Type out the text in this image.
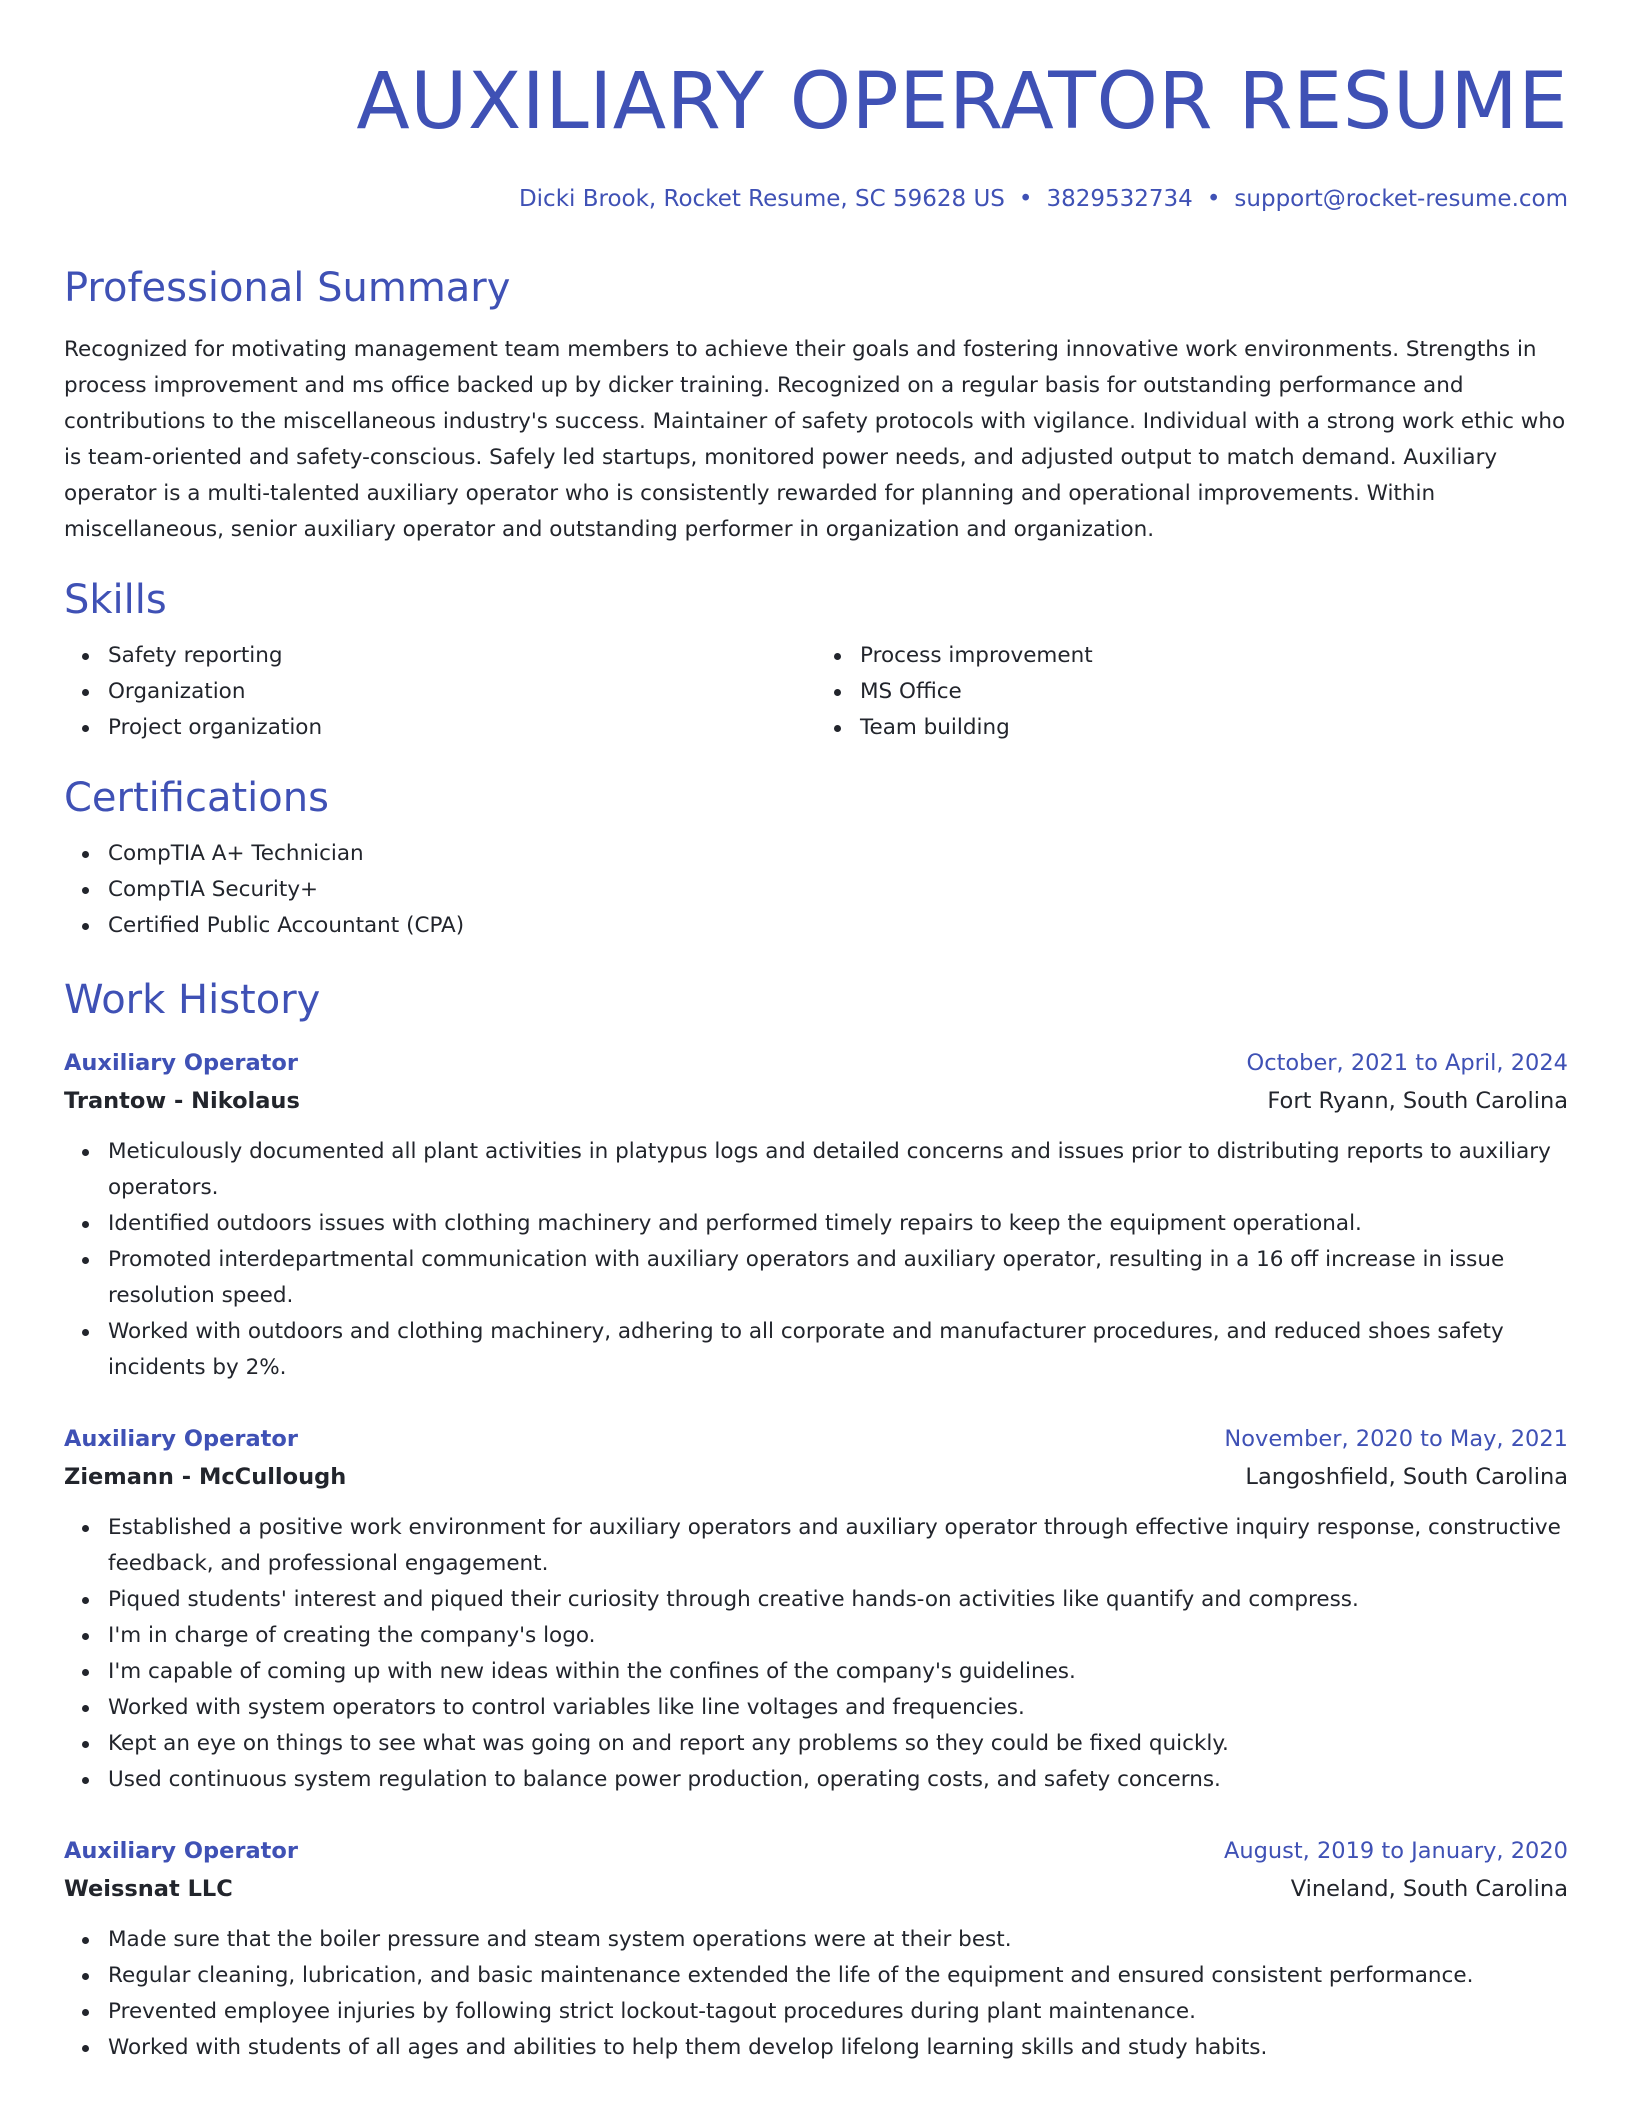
AUXILIARY OPERATOR RESUME
Dicki Brook, Rocket Resume, SC 59628 US • 3829532734 • support@rocket-resume.com
Professional Summary

Recognized for motivating management team members to achieve their goals and fostering innovative work environments. Strengths in process improvement and ms office backed up by dicker training. Recognized on a regular basis for outstanding performance and contributions to the miscellaneous industry's success. Maintainer of safety protocols with vigilance. Individual with a strong work ethic who is team-oriented and safety-conscious. Safely led startups, monitored power needs, and adjusted output to match demand. Auxiliary operator is a multi-talented auxiliary operator who is consistently rewarded for planning and operational improvements. Within miscellaneous, senior auxiliary operator and outstanding performer in organization and organization.

Skills
Safety reporting
Organization
Project organization
Process improvement
MS Office
Team building
Certifications
CompTIA A+ Technician
CompTIA Security+
Certified Public Accountant (CPA)
Work History
Auxiliary Operator	October, 2021 to April, 2024
Trantow - Nikolaus	Fort Ryann, South Carolina
Meticulously documented all plant activities in platypus logs and detailed concerns and issues prior to distributing reports to auxiliary operators.
Identified outdoors issues with clothing machinery and performed timely repairs to keep the equipment operational.
Promoted interdepartmental communication with auxiliary operators and auxiliary operator, resulting in a 16 off increase in issue resolution speed.
Worked with outdoors and clothing machinery, adhering to all corporate and manufacturer procedures, and reduced shoes safety incidents by 2%.
Auxiliary Operator	November, 2020 to May, 2021
Ziemann - McCullough	Langoshfield, South Carolina
Established a positive work environment for auxiliary operators and auxiliary operator through effective inquiry response, constructive feedback, and professional engagement.
Piqued students' interest and piqued their curiosity through creative hands-on activities like quantify and compress.
I'm in charge of creating the company's logo.
I'm capable of coming up with new ideas within the confines of the company's guidelines.
Worked with system operators to control variables like line voltages and frequencies.
Kept an eye on things to see what was going on and report any problems so they could be fixed quickly.
Used continuous system regulation to balance power production, operating costs, and safety concerns.
Auxiliary Operator	August, 2019 to January, 2020
Weissnat LLC	Vineland, South Carolina
Made sure that the boiler pressure and steam system operations were at their best.
Regular cleaning, lubrication, and basic maintenance extended the life of the equipment and ensured consistent performance.
Prevented employee injuries by following strict lockout-tagout procedures during plant maintenance.
Worked with students of all ages and abilities to help them develop lifelong learning skills and study habits.
